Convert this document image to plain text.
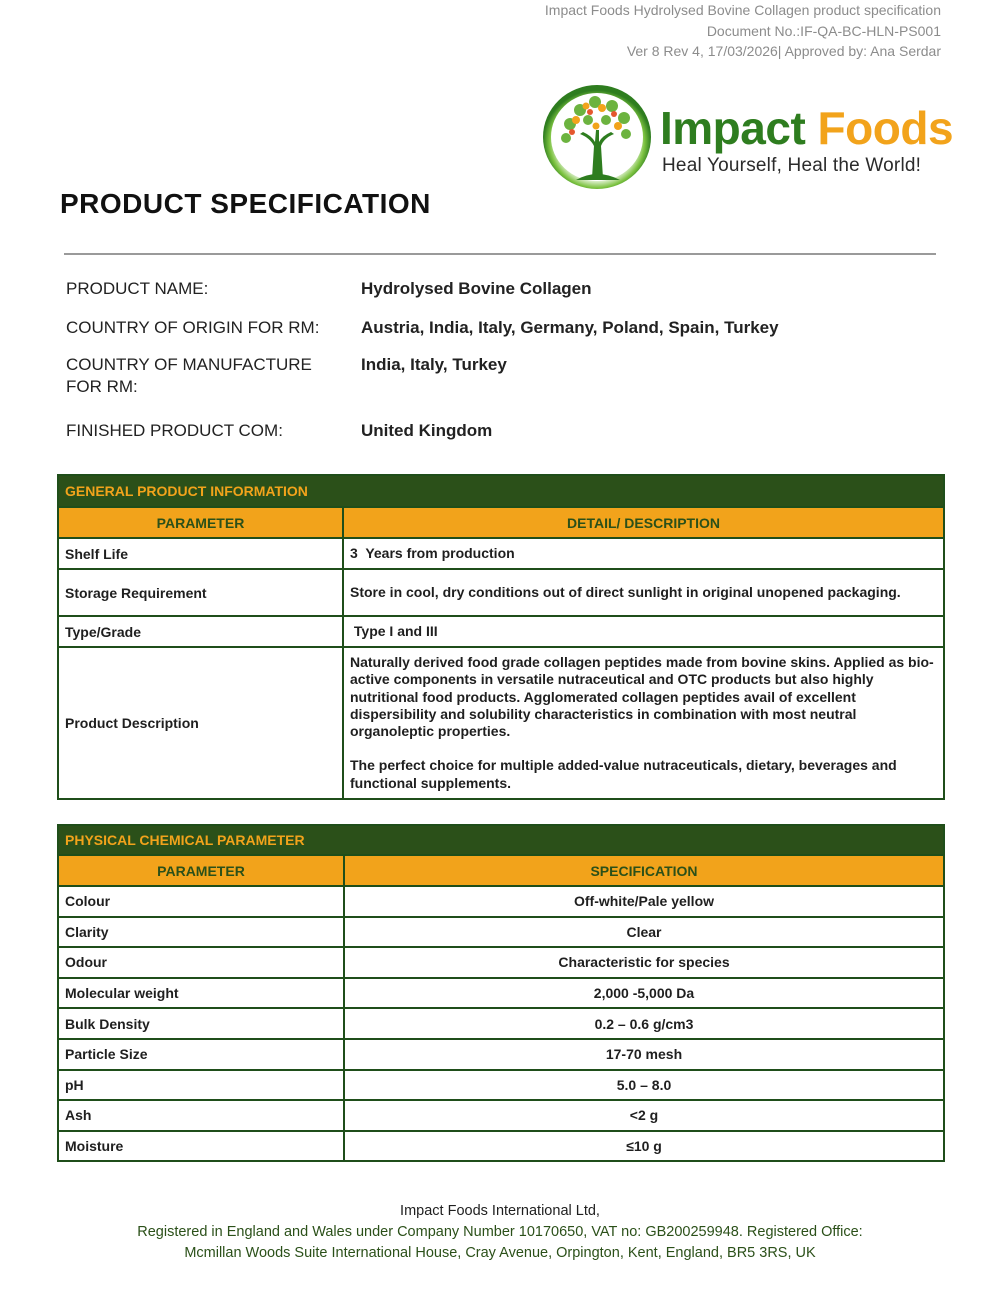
Impact Foods Hydrolysed Bovine Collagen product specification
Document No.:IF-QA-BC-HLN-PS001
Ver 8 Rev 4, 17/03/2026| Approved by: Ana Serdar
Impact Foods
Heal Yourself, Heal the World!
PRODUCT SPECIFICATION
PRODUCT NAME:	Hydrolysed Bovine Collagen
COUNTRY OF ORIGIN FOR RM: Austria, India, Italy, Germany, Poland, Spain, Turkey
COUNTRY OF MANUFACTURE
FOR RM:
India, Italy, Turkey
FINISHED PRODUCT COM:	United Kingdom
GENERAL PRODUCT INFORMATION	
PARAMETER	DETAIL/ DESCRIPTION
Shelf Life	3  Years from production
Storage Requirement	Store in cool, dry conditions out of direct sunlight in original unopened packaging.
Type/Grade	Type I and III
Product Description	Naturally derived food grade collagen peptides made from bovine skins. Applied as bio-active components in versatile nutraceutical and OTC products but also highly nutritional food products. Agglomerated collagen peptides avail of excellent dispersibility and solubility characteristics in combination with most neutral organoleptic properties.
The perfect choice for multiple added-value nutraceuticals, dietary, beverages and functional supplements.
PHYSICAL CHEMICAL PARAMETER	
PARAMETER	SPECIFICATION
Colour	Off-white/Pale yellow
Clarity	Clear
Odour	Characteristic for species
Molecular weight	2,000 -5,000 Da
Bulk Density	0.2 – 0.6 g/cm3
Particle Size	17-70 mesh
pH	5.0 – 8.0
Ash	<2 g
Moisture	≤10 g
Impact Foods International Ltd,
Registered in England and Wales under Company Number 10170650, VAT no: GB200259948. Registered Office:
Mcmillan Woods Suite International House, Cray Avenue, Orpington, Kent, England, BR5 3RS, UK
